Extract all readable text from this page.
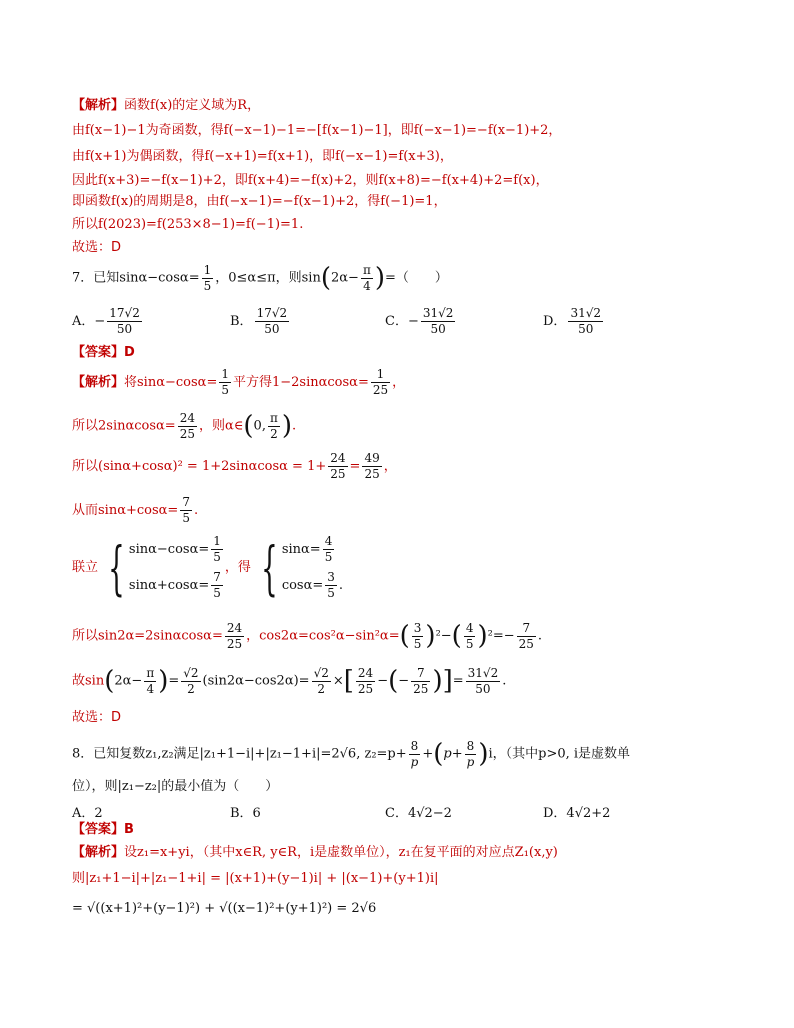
【解析】函数f(x)的定义域为R，
由f(x−1)−1为奇函数，得f(−x−1)−1=−[f(x−1)−1]，即f(−x−1)=−f(x−1)+2，
由f(x+1)为偶函数，得f(−x+1)=f(x+1)，即f(−x−1)=f(x+3)，
因此f(x+3)=−f(x−1)+2，即f(x+4)=−f(x)+2，则f(x+8)=−f(x+4)+2=f(x)，
即函数f(x)的周期是8，由f(−x−1)=−f(x−1)+2，得f(−1)=1，
所以f(2023)=f(253×8−1)=f(−1)=1.
故选：D
7．已知$\sin\alpha-\cos\alpha= \frac{1}{5}$ ，0≤α≤π，则$\sin(2\alpha- \frac{\pi}{4}$ )=（　　）
A．− $\frac{17√2}{50}$	B． $\frac{17√2}{50}$	C．− $\frac{31√2}{50}$	D． $\frac{31√2}{50}$
【答案】D
【解析】将$\sin\alpha-\cos\alpha= \frac{1}{5}$ 平方得$1-2\sin\alpha\cos\alpha= \frac{1}{25}$ ，
所以$2\sin\alpha\cos\alpha= \frac{24}{25}$ ，则α∈(0, $\frac{\pi}{2}$ ).
所以$(\sin\alpha+\cos\alpha)^2 = 1+2\sin\alpha\cos\alpha = 1+ \frac{24}{25} = \frac{49}{25}$ ，
从而$\sin\alpha+\cos\alpha= \frac{7}{5}$ .
联立 { $\sin\alpha-\cos\alpha= \frac{1}{5}$
$\sin\alpha+\cos\alpha= \frac{7}{5}$
，得 { $\sin\alpha= \frac{4}{5}$
$\cos\alpha= \frac{3}{5}$ .
所以$\sin 2\alpha=2\sin\alpha\cos\alpha= \frac{24}{25}$ ，$\cos 2\alpha=\cos^2\alpha-\sin^2\alpha=( \frac{3}{5} )^2-( \frac{4}{5} )^2=- \frac{7}{25}$ .
故$\sin(2\alpha- \frac{\pi}{4}$ )= $\frac{√2}{2} (\sin 2\alpha-\cos 2\alpha)= \frac{√2}{2}$ ×[ $\frac{24}{25}$ −(− $\frac{7}{25}$ )]= $\frac{31√2}{50}$ .
故选：D
8．已知复数z₁,z₂满足|z₁+1−i|+|z₁−1+i|=2√6, $z_2=p+ \frac{8}{p} +(p+ \frac{8}{p} )i$，（其中p>0, i是虚数单
位），则|z₁−z₂|的最小值为（　　）
A．2	B．6	C．4√2−2	D．4√2+2
【答案】B
【解析】设z₁=x+yi，（其中x∈R, y∈R，i是虚数单位），z₁在复平面的对应点Z₁(x,y)
则|z₁+1−i|+|z₁−1+i| = |(x+1)+(y−1)i| + |(x−1)+(y+1)i|
= √((x+1)²+(y−1)²) + √((x−1)²+(y+1)²) = 2√6
